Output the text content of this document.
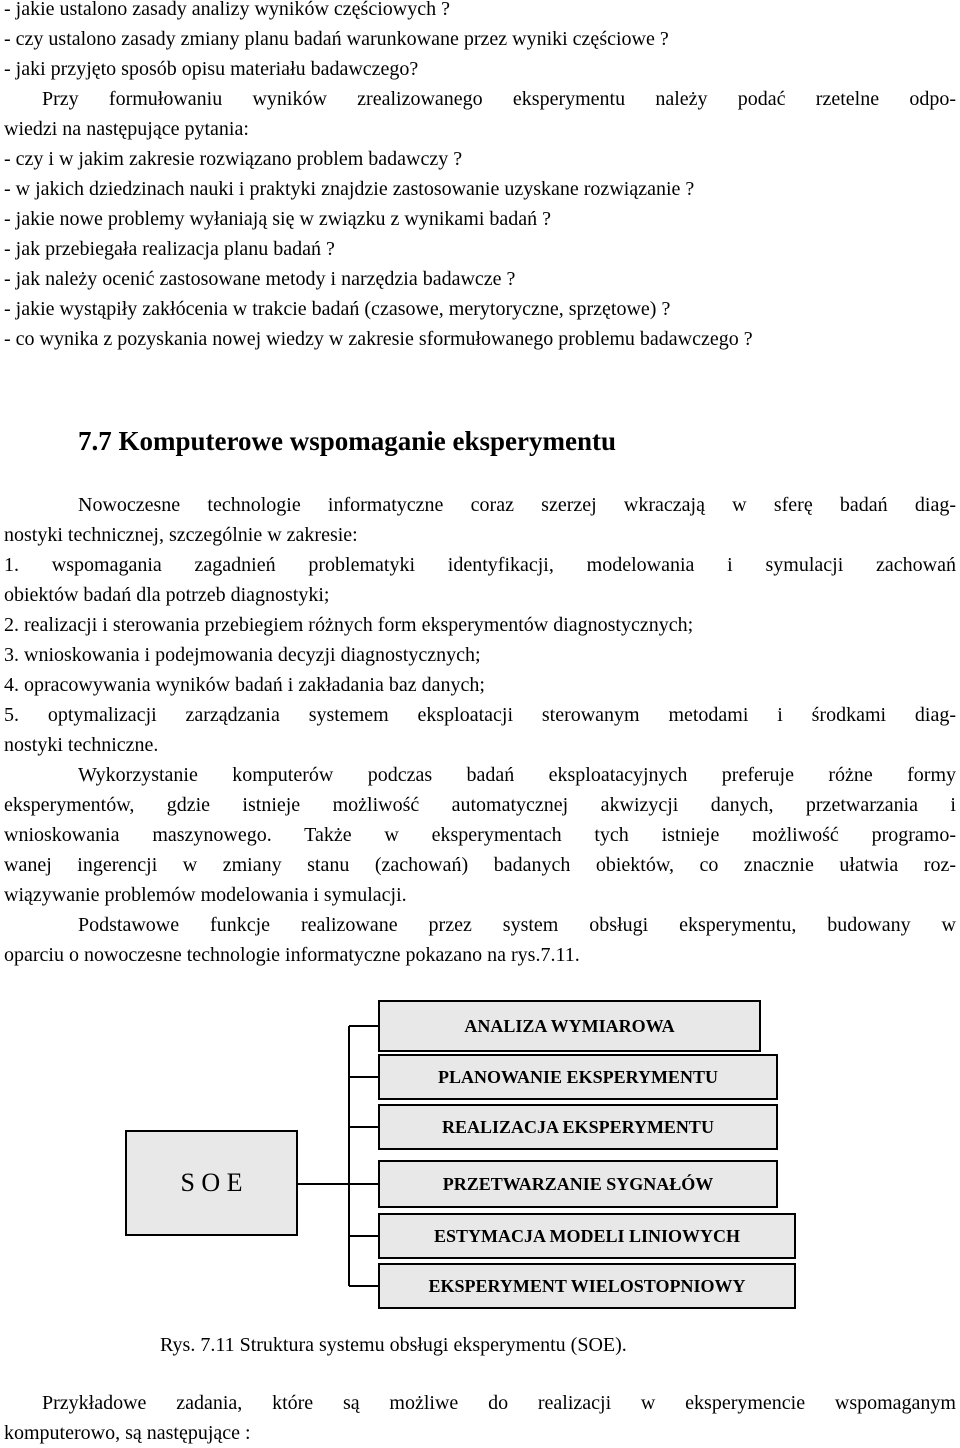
- jakie ustalono zasady analizy wyników częściowych ?
- czy ustalono zasady zmiany planu badań warunkowane przez wyniki częściowe ?
- jaki przyjęto sposób opisu materiału badawczego?
Przy formułowaniu wyników zrealizowanego eksperymentu należy podać rzetelne odpo-
wiedzi na następujące pytania:
- czy i w jakim zakresie rozwiązano problem badawczy ?
- w jakich dziedzinach nauki i praktyki znajdzie zastosowanie uzyskane rozwiązanie ?
- jakie nowe problemy wyłaniają się w związku z wynikami badań ?
- jak przebiegała realizacja planu badań ?
- jak należy ocenić zastosowane metody i narzędzia badawcze ?
- jakie wystąpiły zakłócenia w trakcie badań (czasowe, merytoryczne, sprzętowe) ?
- co wynika z pozyskania nowej wiedzy w zakresie sformułowanego problemu badawczego ?
7.7 Komputerowe wspomaganie eksperymentu
Nowoczesne technologie informatyczne coraz szerzej wkraczają w sferę badań diag-
nostyki technicznej, szczególnie w zakresie:
1. wspomagania zagadnień problematyki identyfikacji, modelowania i symulacji zachowań
obiektów badań dla potrzeb diagnostyki;
2. realizacji i sterowania przebiegiem różnych form eksperymentów diagnostycznych;
3. wnioskowania i podejmowania decyzji diagnostycznych;
4. opracowywania wyników badań i zakładania baz danych;
5. optymalizacji zarządzania systemem eksploatacji sterowanym metodami i środkami diag-
nostyki techniczne.
Wykorzystanie komputerów podczas badań eksploatacyjnych preferuje różne formy
eksperymentów, gdzie istnieje możliwość automatycznej akwizycji danych, przetwarzania i
wnioskowania maszynowego. Także w eksperymentach tych istnieje możliwość programo-
wanej ingerencji w zmiany stanu (zachowań) badanych obiektów, co znacznie ułatwia roz-
wiązywanie problemów modelowania i symulacji.
Podstawowe funkcje realizowane przez system obsługi eksperymentu, budowany w
oparciu o nowoczesne technologie informatyczne pokazano na rys.7.11.
S O E
ANALIZA WYMIAROWA
PLANOWANIE EKSPERYMENTU
REALIZACJA EKSPERYMENTU
PRZETWARZANIE SYGNAŁÓW
ESTYMACJA MODELI LINIOWYCH
EKSPERYMENT WIELOSTOPNIOWY
Rys. 7.11 Struktura systemu obsługi eksperymentu (SOE).
Przykładowe zadania, które są możliwe do realizacji w eksperymencie wspomaganym
komputerowo, są następujące :
